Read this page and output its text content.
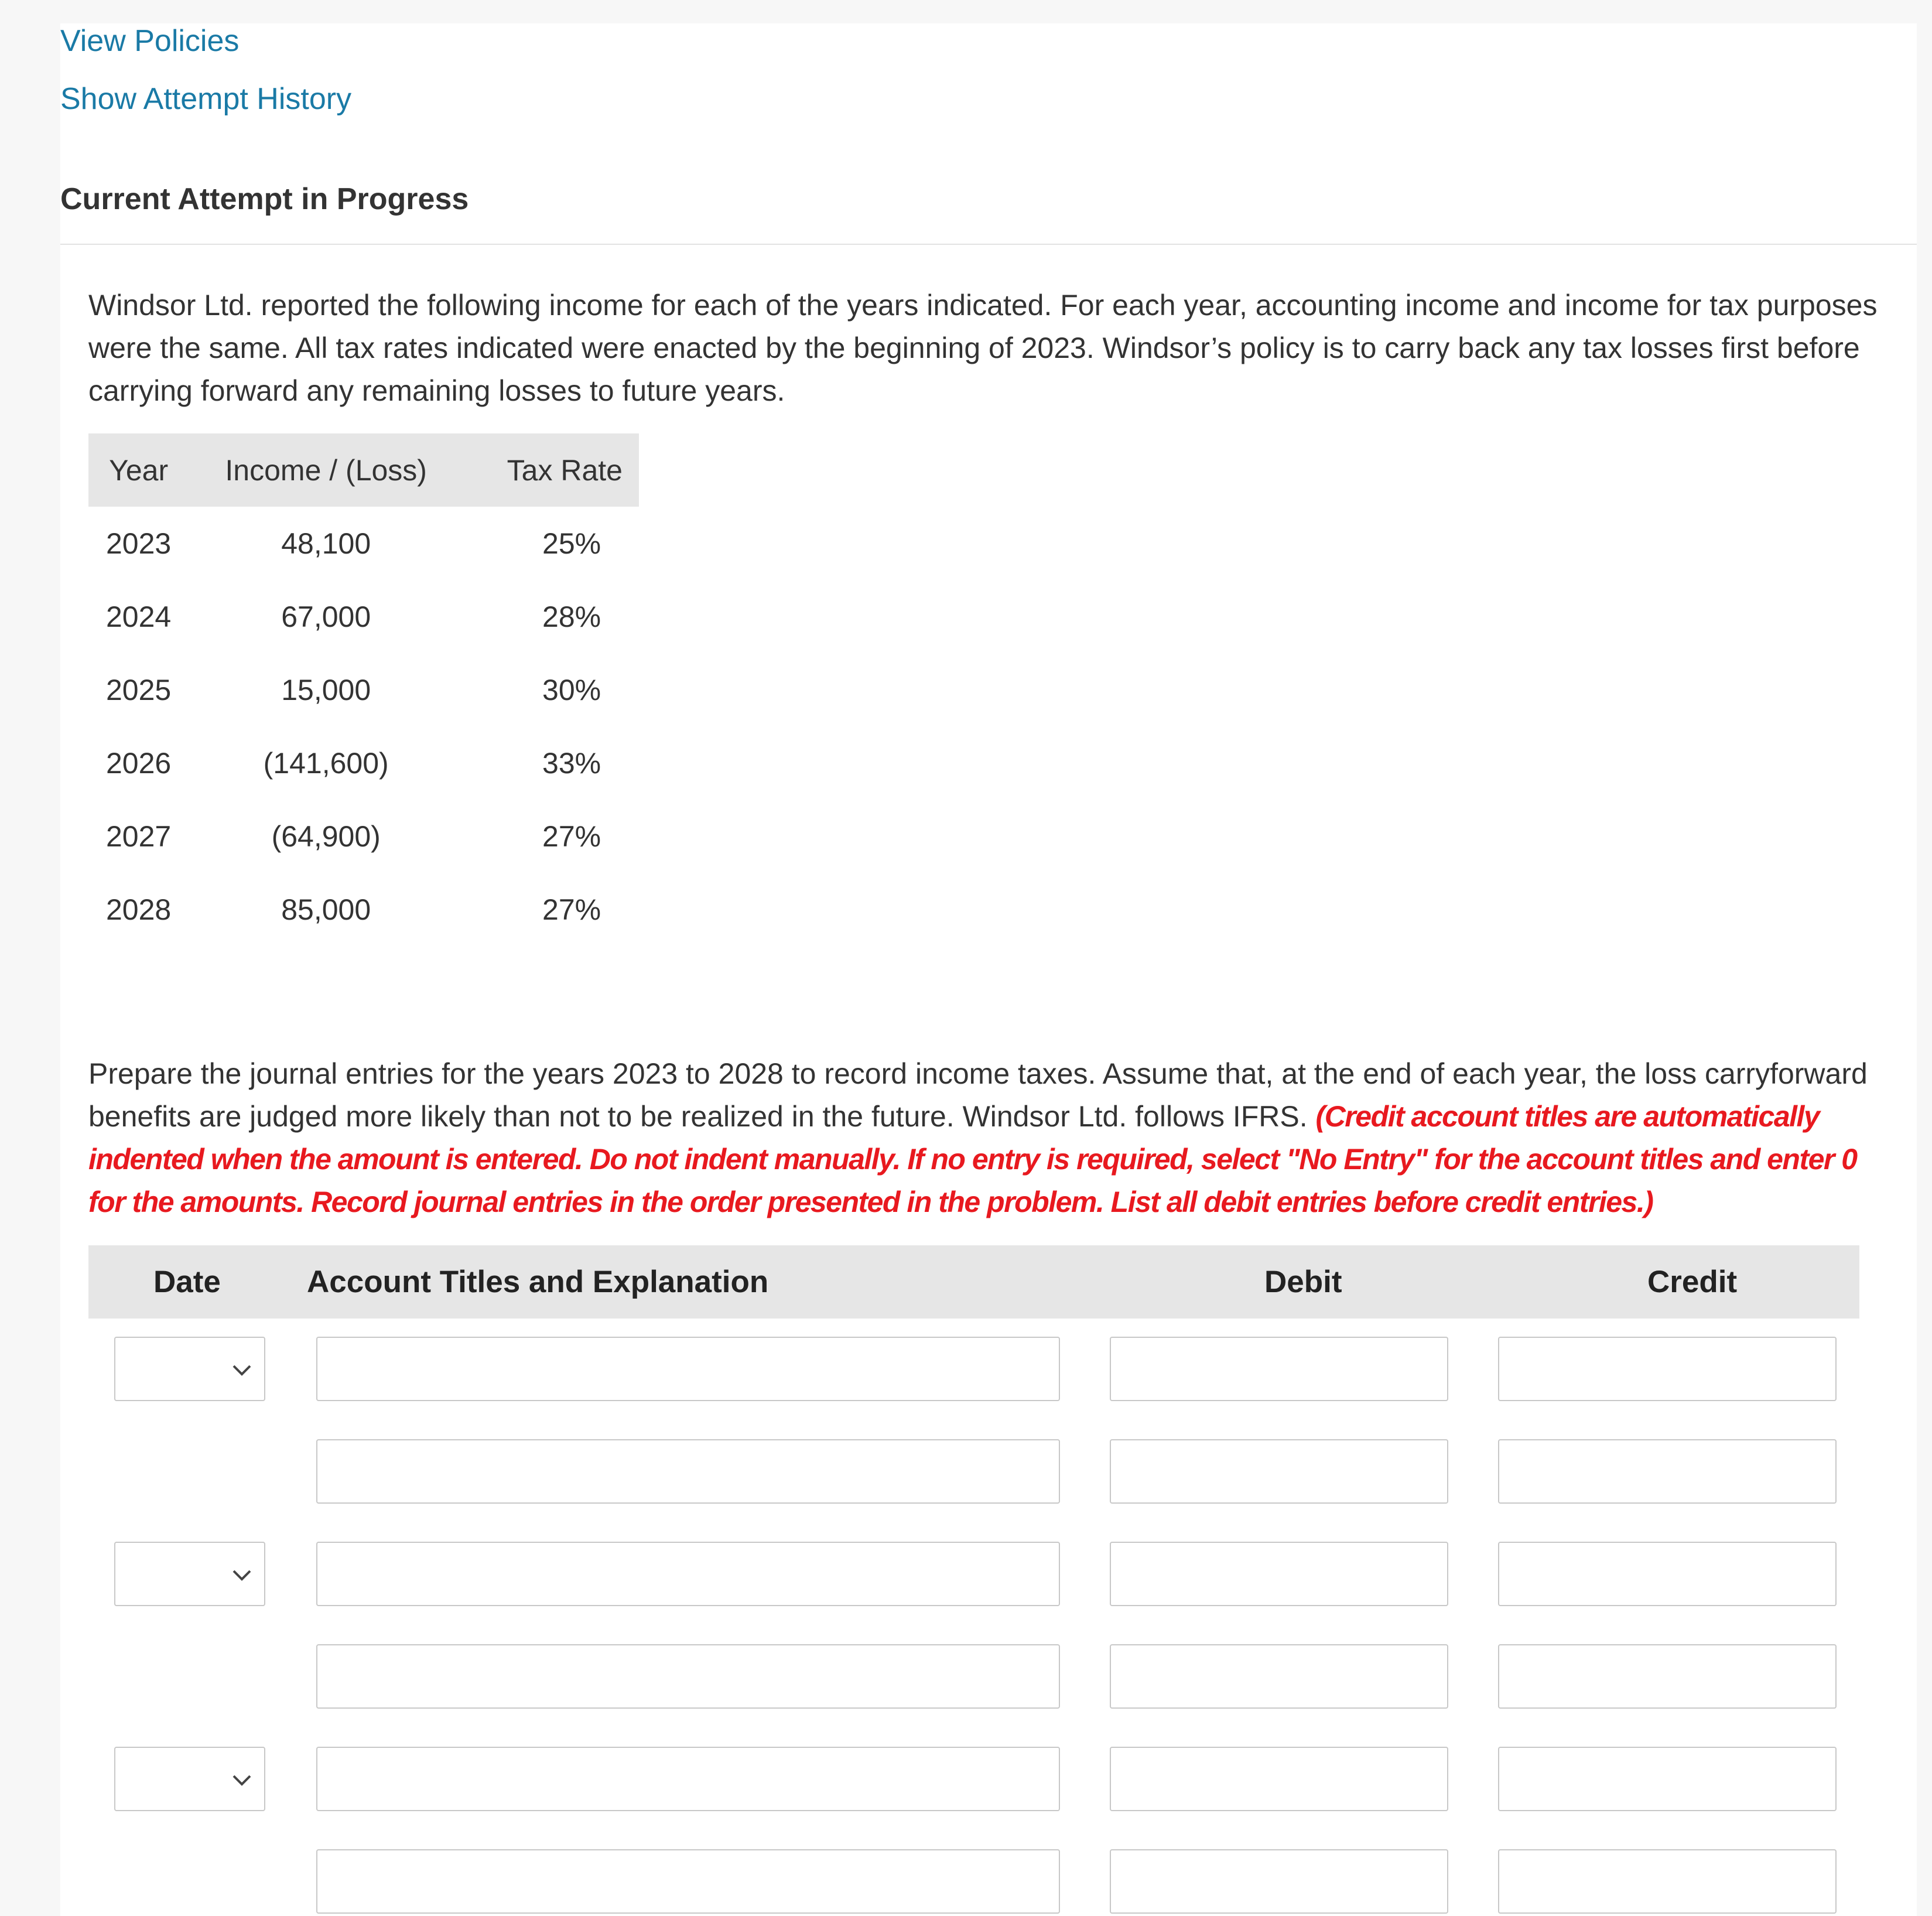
View Policies
Show Attempt History
Current Attempt in Progress

Windsor Ltd. reported the following income for each of the years indicated. For each year, accounting income and income for tax purposes were the same. All tax rates indicated were enacted by the beginning of 2023. Windsor’s policy is to carry back any tax losses first before carrying forward any remaining losses to future years.

Year	Income / (Loss)	Tax Rate
2023	48,100	25%
2024	67,000	28%
2025	15,000	30%
2026	(141,600)	33%
2027	(64,900)	27%
2028	85,000	27%

Prepare the journal entries for the years 2023 to 2028 to record income taxes. Assume that, at the end of each year, the loss carryforward benefits are judged more likely than not to be realized in the future. Windsor Ltd. follows IFRS. (Credit account titles are automatically indented when the amount is entered. Do not indent manually. If no entry is required, select "No Entry" for the account titles and enter 0 for the amounts. Record journal entries in the order presented in the problem. List all debit entries before credit entries.)

Date	Account Titles and Explanation	Debit	Credit
